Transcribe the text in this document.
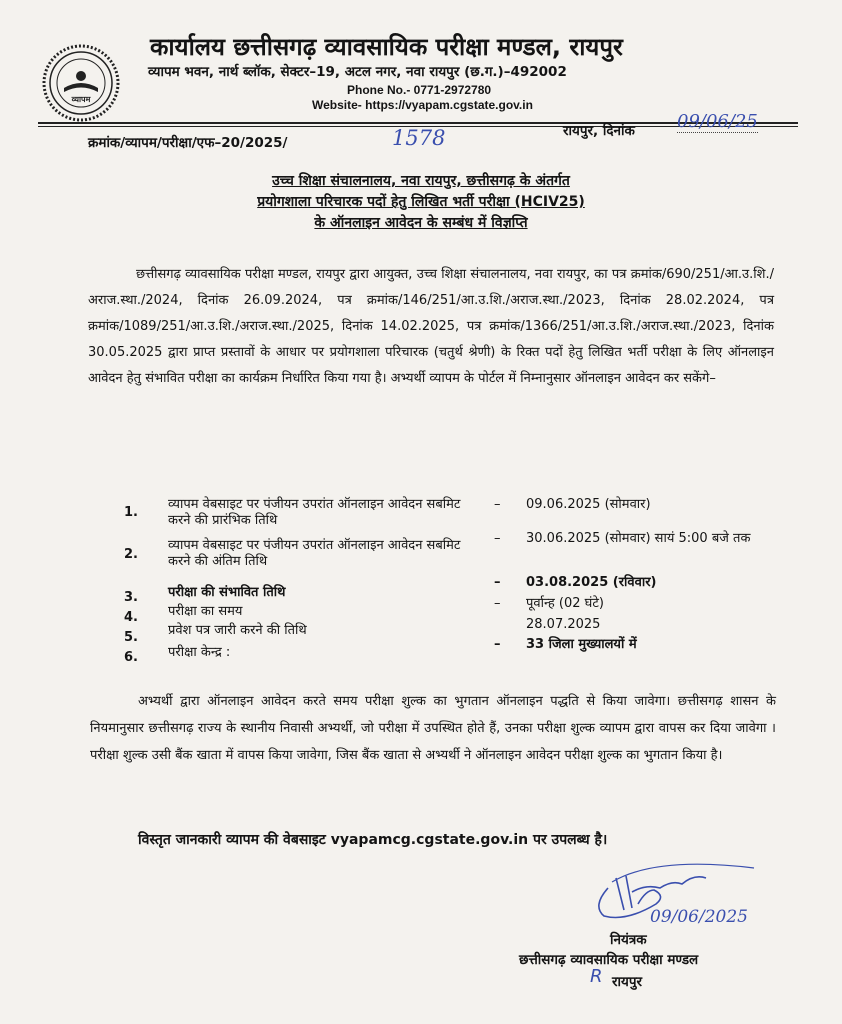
व्यापम
कार्यालय छत्तीसगढ़ व्यावसायिक परीक्षा मण्डल, रायपुर
व्यापम भवन, नार्थ ब्लॉक, सेक्टर–19, अटल नगर, नवा रायपुर (छ.ग.)–492002
Phone No.- 0771-2972780
Website- https://vyapam.cgstate.gov.in
क्रमांक/व्यापम/परीक्षा/एफ–20/2025/	1578	रायपुर, दिनांक 09/06/25
उच्च शिक्षा संचालनालय, नवा रायपुर, छत्तीसगढ़ के अंतर्गत
प्रयोगशाला परिचारक पदों हेतु लिखित भर्ती परीक्षा (HCIV25)
के ऑनलाइन आवेदन के सम्बंध में विज्ञप्ति

छत्तीसगढ़ व्यावसायिक परीक्षा मण्डल, रायपुर द्वारा आयुक्त, उच्च शिक्षा संचालनालय, नवा रायपुर, का पत्र क्रमांक/690/251/आ.उ.शि./अराज.स्था./2024, दिनांक 26.09.2024, पत्र क्रमांक/146/251/आ.उ.शि./अराज.स्था./2023, दिनांक 28.02.2024, पत्र क्रमांक/1089/251/आ.उ.शि./अराज.स्था./2025, दिनांक 14.02.2025, पत्र क्रमांक/1366/251/आ.उ.शि./अराज.स्था./2023, दिनांक 30.05.2025 द्वारा प्राप्त प्रस्तावों के आधार पर प्रयोगशाला परिचारक (चतुर्थ श्रेणी) के रिक्त पदों हेतु लिखित भर्ती परीक्षा के लिए ऑनलाइन आवेदन हेतु संभावित परीक्षा का कार्यक्रम निर्धारित किया गया है। अभ्यर्थी व्यापम के पोर्टल में निम्नानुसार ऑनलाइन आवेदन कर सकेंगे–

1.
व्यापम वेबसाइट पर पंजीयन उपरांत ऑनलाइन आवेदन सबमिट करने की प्रारंभिक तिथि
– 09.06.2025 (सोमवार)
2.
व्यापम वेबसाइट पर पंजीयन उपरांत ऑनलाइन आवेदन सबमिट करने की अंतिम तिथि
– 30.06.2025 (सोमवार) सायं 5:00 बजे तक
3.	परीक्षा की संभावित तिथि
– 03.08.2025 (रविवार)
4.	परीक्षा का समय
– पूर्वान्ह (02 घंटे)
5.	प्रवेश पत्र जारी करने की तिथि	28.07.2025
6.	परीक्षा केन्द्र :
– 33 जिला मुख्यालयों में

अभ्यर्थी द्वारा ऑनलाइन आवेदन करते समय परीक्षा शुल्क का भुगतान ऑनलाइन पद्धति से किया जावेगा। छत्तीसगढ़ शासन के नियमानुसार छत्तीसगढ़ राज्य के स्थानीय निवासी अभ्यर्थी, जो परीक्षा में उपस्थित होते हैं, उनका परीक्षा शुल्क व्यापम द्वारा वापस कर दिया जावेगा । परीक्षा शुल्क उसी बैंक खाता में वापस किया जावेगा, जिस बैंक खाता से अभ्यर्थी ने ऑनलाइन आवेदन परीक्षा शुल्क का भुगतान किया है।

विस्तृत जानकारी व्यापम की वेबसाइट vyapamcg.cgstate.gov.in पर उपलब्ध है।
09/06/2025
नियंत्रक
छत्तीसगढ़ व्यावसायिक परीक्षा मण्डल
R रायपुर
